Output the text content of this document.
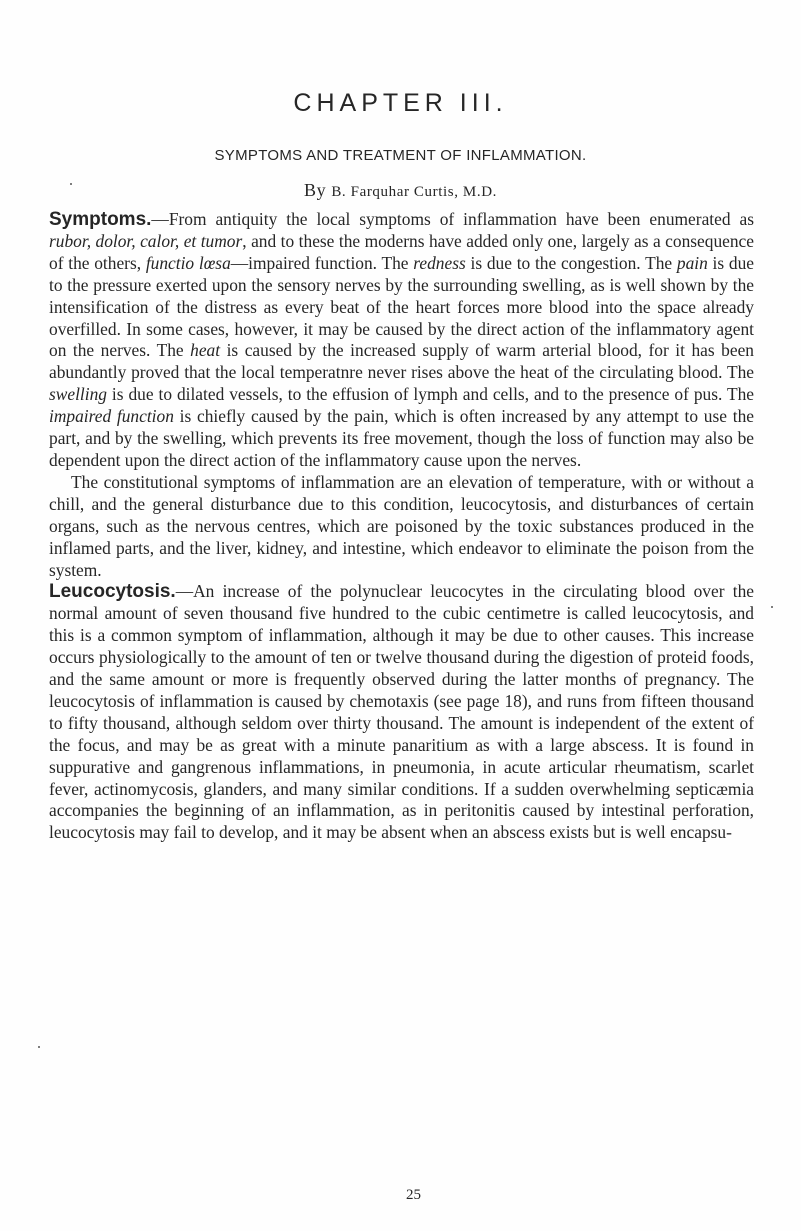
CHAPTER III.
SYMPTOMS AND TREATMENT OF INFLAMMATION.
By B. Farquhar Curtis, M.D.

Symptoms.—From antiquity the local symptoms of inflammation have been enumerated as rubor, dolor, calor, et tumor, and to these the moderns have added only one, largely as a consequence of the others, functio lœsa—impaired function. The redness is due to the congestion. The pain is due to the pressure exerted upon the sensory nerves by the surrounding swelling, as is well shown by the intensification of the distress as every beat of the heart forces more blood into the space already overfilled. In some cases, however, it may be caused by the direct action of the inflammatory agent on the nerves. The heat is caused by the increased supply of warm arterial blood, for it has been abundantly proved that the local temperatnre never rises above the heat of the circulating blood. The swelling is due to dilated vessels, to the effusion of lymph and cells, and to the presence of pus. The impaired function is chiefly caused by the pain, which is often increased by any attempt to use the part, and by the swelling, which prevents its free movement, though the loss of function may also be dependent upon the direct action of the inflammatory cause upon the nerves.

The constitutional symptoms of inflammation are an elevation of temperature, with or without a chill, and the general disturbance due to this condition, leucocytosis, and disturbances of certain organs, such as the nervous centres, which are poisoned by the toxic substances produced in the inflamed parts, and the liver, kidney, and intestine, which endeavor to eliminate the poison from the system.

Leucocytosis.—An increase of the polynuclear leucocytes in the circulating blood over the normal amount of seven thousand five hundred to the cubic centimetre is called leucocytosis, and this is a common symptom of inflammation, although it may be due to other causes. This increase occurs physiologically to the amount of ten or twelve thousand during the digestion of proteid foods, and the same amount or more is frequently observed during the latter months of pregnancy. The leucocytosis of inflammation is caused by chemotaxis (see page 18), and runs from fifteen thousand to fifty thousand, although seldom over thirty thousand. The amount is independent of the extent of the focus, and may be as great with a minute panaritium as with a large abscess. It is found in suppurative and gangrenous inflammations, in pneumonia, in acute articular rheumatism, scarlet fever, actinomycosis, glanders, and many similar conditions. If a sudden overwhelming septicæmia accompanies the beginning of an inflammation, as in peritonitis caused by intestinal perforation, leucocytosis may fail to develop, and it may be absent when an abscess exists but is well encapsu-

25
